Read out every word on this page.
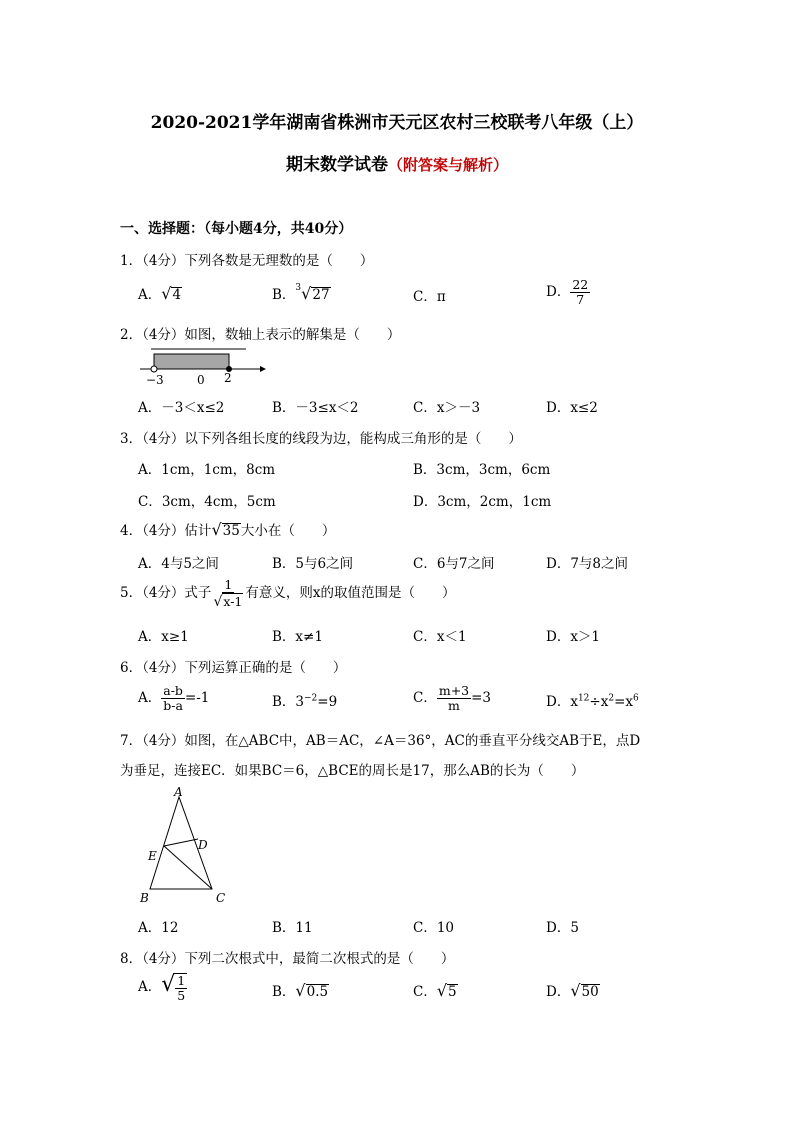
2020-2021学年湖南省株洲市天元区农村三校联考八年级（上）
期末数学试卷（附答案与解析）
一、选择题：（每小题4分，共40分）
1．（4分）下列各数是无理数的是（　　）
A．√4	B．$^3$√27	C．π	D． $\frac{22}{7}$
2．（4分）如图，数轴上表示的解集是（　　）
−3	0 2
A．－3＜x≤2	B．－3≤x＜2	C．x＞－3	D．x≤2
3．（4分）以下列各组长度的线段为边，能构成三角形的是（　　）
A．1cm，1cm，8cm	B．3cm，3cm，6cm
C．3cm，4cm，5cm	D．3cm，2cm，1cm
4．（4分）估计√35大小在（　　）
A．4与5之间	B．5与6之间	C．6与7之间	D．7与8之间
5．（4分）式子 $\frac{1}{√x-1}$ 有意义，则x的取值范围是（　　）
A．x≥1	B．x≠1	C．x＜1	D．x＞1
6．（4分）下列运算正确的是（　　）
A． $\frac{a-b}{b-a} =-1$	B．$3^{-2}=9$	C． $\frac{m+3}{m} =3$	D．$x^{12}\div x^2=x^6$
7．（4分）如图，在△ABC中，AB＝AC，∠A＝36°，AC的垂直平分线交AB于E，点D
为垂足，连接EC．如果BC＝6，△BCE的周长是17，那么AB的长为（　　）
A
B	C
D
E
A．12	B．11	C．10	D．5
8．（4分）下列二次根式中，最简二次根式的是（　　）
A．√ $\frac{1}{5}$	B．√0.5	C．√5	D．√50
